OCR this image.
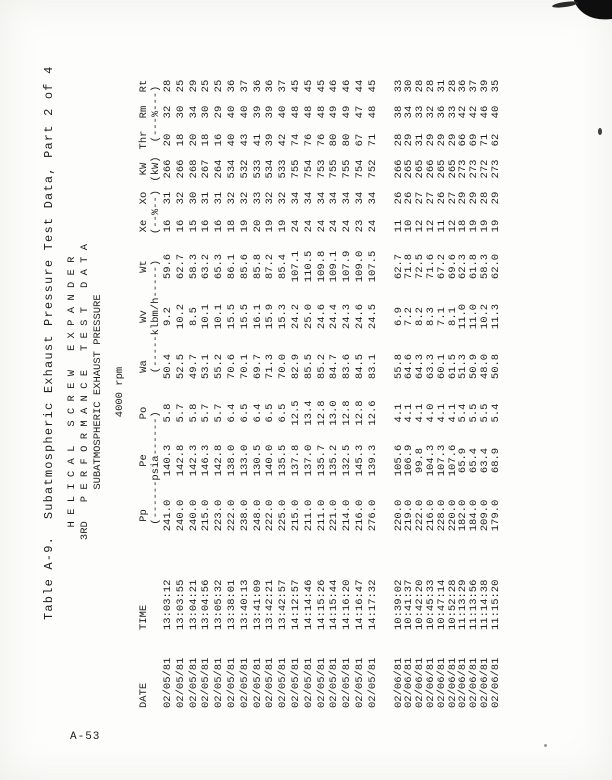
Table A-9.  Subatmospheric Exhaust Pressure Test Data, Part 2 of 4 H E L I C A L   S C R E W   E X P A N D E R 3RD   P E R F O R M A N C E   T E S T   D A T A SUBATMOSPHERIC EXHAUST PRESSURE 4000 rpm
DATE	TIME	Pp	Pe	Po	Wa	Wv	Wt	Xe	Xo	KW	Thr	Rm	Rt
		(------psia------)			(-----klbm/h-----)			(--%--)		(kW)	(---%---)		
02/05/81	13:03:12	241.0	140.3	5.8	50.4	9.2	59.6	16	31	266	20	32	28
02/05/81	13:03:55	240.0	142.8	5.7	52.5	10.2	62.7	16	32	266	18	30	25
02/05/81	13:04:21	240.0	142.3	5.8	49.7	8.5	58.3	15	30	268	20	34	29
02/05/81	13:04:56	215.0	146.3	5.7	53.1	10.1	63.2	16	31	267	18	30	25
02/05/81	13:05:32	223.0	142.8	5.7	55.2	10.1	65.3	16	31	264	16	29	25
02/05/81	13:38:01	222.0	138.0	6.4	70.6	15.5	86.1	18	32	534	40	40	36
02/05/81	13:40:13	238.0	133.0	6.5	70.1	15.5	85.6	19	32	532	43	40	37
02/05/81	13:41:09	248.0	130.5	6.4	69.7	16.1	85.8	20	33	533	41	39	36
02/05/81	13:42:21	222.0	140.0	6.5	71.3	15.9	87.2	19	32	534	39	39	36
02/05/81	13:42:57	225.0	135.5	6.5	70.0	15.3	85.4	19	32	533	42	40	37
02/05/81	14:12:57	215.0	137.8	12.5	82.9	24.2	107.1	24	34	755	74	48	45
02/05/81	14:14:46	211.0	137.0	13.4	85.5	25.0	110.5	24	34	754	76	48	45
02/05/81	14:15:26	211.0	135.7	12.8	85.2	24.6	109.8	24	34	753	76	48	45
02/05/81	14:15:44	221.0	135.2	13.0	84.7	24.4	109.1	24	34	755	80	49	46
02/05/81	14:16:20	214.0	132.5	12.8	83.6	24.3	107.9	24	34	755	80	49	46
02/05/81	14:16:47	216.0	145.3	12.8	84.5	24.6	109.0	23	34	754	67	47	44
02/05/81	14:17:32	276.0	139.3	12.6	83.1	24.5	107.5	24	34	752	71	48	45

02/06/81	10:39:02	220.0	105.6	4.1	55.8	6.9	62.7	11	26	266	28	38	33
02/06/81	10:41:37	219.0	106.9	4.1	64.6	7.2	71.8	10	26	265	29	34	30
02/06/81	10:42:20	222.0	99.8	4.1	64.3	8.2	72.5	12	27	265	31	33	28
02/06/81	10:45:33	216.0	104.3	4.0	63.3	8.3	71.6	12	27	266	29	32	28
02/06/81	10:47:14	228.0	107.3	4.1	60.1	7.1	67.2	11	26	265	29	36	31
02/06/81	10:52:28	220.0	107.6	4.1	61.5	8.1	69.6	12	27	265	29	33	28
02/06/81	11:13:29	182.0	65.9	5.4	51.3	11.0	62.3	18	29	273	66	42	36
02/06/81	11:13:56	184.0	65.4	5.5	50.9	11.0	61.8	19	29	273	69	42	37
02/06/81	11:14:38	209.0	63.4	5.5	48.0	10.2	58.3	19	28	272	71	46	39
02/06/81	11:15:20	179.0	68.9	5.4	50.8	11.3	62.0	19	29	273	62	40	35
A-53
